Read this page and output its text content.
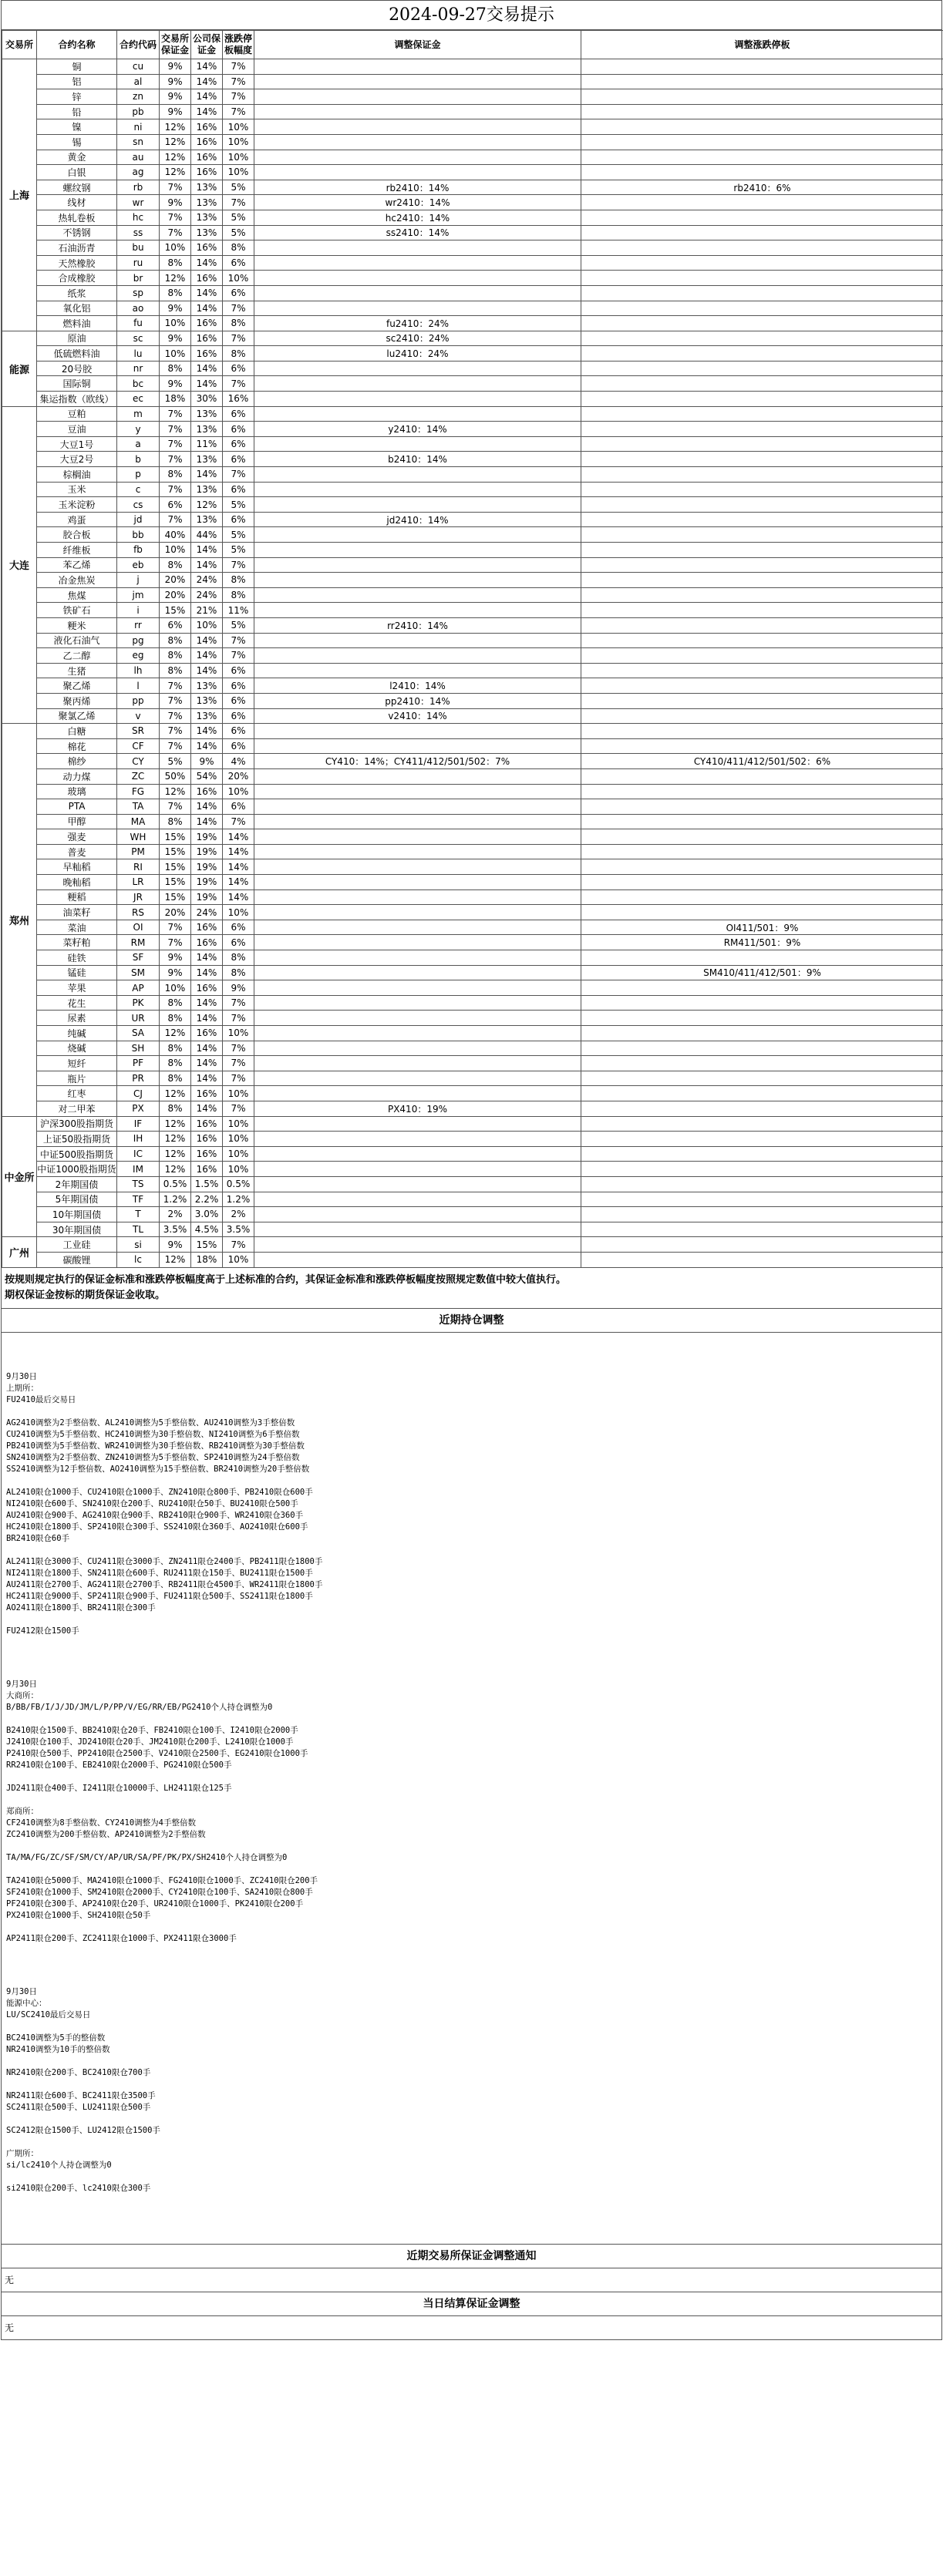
2024-09-27交易提示
交易所	合约名称	合约代码	交易所保证金	公司保证金	涨跌停板幅度	调整保证金	调整涨跌停板
上海	铜	cu	9%	14%	7%		
	铝	al	9%	14%	7%		
	锌	zn	9%	14%	7%		
	铅	pb	9%	14%	7%		
	镍	ni	12%	16%	10%		
	锡	sn	12%	16%	10%		
	黄金	au	12%	16%	10%		
	白银	ag	12%	16%	10%		
	螺纹钢	rb	7%	13%	5%	rb2410：14%	rb2410：6%
	线材	wr	9%	13%	7%	wr2410：14%	
	热轧卷板	hc	7%	13%	5%	hc2410：14%	
	不锈钢	ss	7%	13%	5%	ss2410：14%	
	石油沥青	bu	10%	16%	8%		
	天然橡胶	ru	8%	14%	6%		
	合成橡胶	br	12%	16%	10%		
	纸浆	sp	8%	14%	6%		
	氧化铝	ao	9%	14%	7%		
	燃料油	fu	10%	16%	8%	fu2410：24%	
能源	原油	sc	9%	16%	7%	sc2410：24%	
	低硫燃料油	lu	10%	16%	8%	lu2410：24%	
	20号胶	nr	8%	14%	6%		
	国际铜	bc	9%	14%	7%		
	集运指数（欧线）	ec	18%	30%	16%		
大连	豆粕	m	7%	13%	6%		
	豆油	y	7%	13%	6%	y2410：14%	
	大豆1号	a	7%	11%	6%		
	大豆2号	b	7%	13%	6%	b2410：14%	
	棕榈油	p	8%	14%	7%		
	玉米	c	7%	13%	6%		
	玉米淀粉	cs	6%	12%	5%		
	鸡蛋	jd	7%	13%	6%	jd2410：14%	
	胶合板	bb	40%	44%	5%		
	纤维板	fb	10%	14%	5%		
	苯乙烯	eb	8%	14%	7%		
	冶金焦炭	j	20%	24%	8%		
	焦煤	jm	20%	24%	8%		
	铁矿石	i	15%	21%	11%		
	粳米	rr	6%	10%	5%	rr2410：14%	
	液化石油气	pg	8%	14%	7%		
	乙二醇	eg	8%	14%	7%		
	生猪	lh	8%	14%	6%		
	聚乙烯	l	7%	13%	6%	l2410：14%	
	聚丙烯	pp	7%	13%	6%	pp2410：14%	
	聚氯乙烯	v	7%	13%	6%	v2410：14%	
郑州	白糖	SR	7%	14%	6%		
	棉花	CF	7%	14%	6%		
	棉纱	CY	5%	9%	4%	CY410：14%；CY411/412/501/502：7%	CY410/411/412/501/502：6%
	动力煤	ZC	50%	54%	20%		
	玻璃	FG	12%	16%	10%		
	PTA	TA	7%	14%	6%		
	甲醇	MA	8%	14%	7%		
	强麦	WH	15%	19%	14%		
	普麦	PM	15%	19%	14%		
	早籼稻	RI	15%	19%	14%		
	晚籼稻	LR	15%	19%	14%		
	粳稻	JR	15%	19%	14%		
	油菜籽	RS	20%	24%	10%		
	菜油	OI	7%	16%	6%		OI411/501：9%
	菜籽粕	RM	7%	16%	6%		RM411/501：9%
	硅铁	SF	9%	14%	8%		
	锰硅	SM	9%	14%	8%		SM410/411/412/501：9%
	苹果	AP	10%	16%	9%		
	花生	PK	8%	14%	7%		
	尿素	UR	8%	14%	7%		
	纯碱	SA	12%	16%	10%		
	烧碱	SH	8%	14%	7%		
	短纤	PF	8%	14%	7%		
	瓶片	PR	8%	14%	7%		
	红枣	CJ	12%	16%	10%		
	对二甲苯	PX	8%	14%	7%	PX410：19%	
中金所	沪深300股指期货	IF	12%	16%	10%		
	上证50股指期货	IH	12%	16%	10%		
	中证500股指期货	IC	12%	16%	10%		
	中证1000股指期货	IM	12%	16%	10%		
	2年期国债	TS	0.5%	1.5%	0.5%		
	5年期国债	TF	1.2%	2.2%	1.2%		
	10年期国债	T	2%	3.0%	2%		
	30年期国债	TL	3.5%	4.5%	3.5%		
广州	工业硅	si	9%	15%	7%		
	碳酸锂	lc	12%	18%	10%		
按规则规定执行的保证金标准和涨跌停板幅度高于上述标准的合约，其保证金标准和涨跌停板幅度按照规定数值中较大值执行。
期权保证金按标的期货保证金收取。
近期持仓调整

9月30日
上期所：
FU2410最后交易日

AG2410调整为2手整倍数、AL2410调整为5手整倍数、AU2410调整为3手整倍数
CU2410调整为5手整倍数、HC2410调整为30手整倍数、NI2410调整为6手整倍数
PB2410调整为5手整倍数、WR2410调整为30手整倍数、RB2410调整为30手整倍数
SN2410调整为2手整倍数、ZN2410调整为5手整倍数、SP2410调整为24手整倍数
SS2410调整为12手整倍数、AO2410调整为15手整倍数、BR2410调整为20手整倍数

AL2410限仓1000手、CU2410限仓1000手、ZN2410限仓800手、PB2410限仓600手
NI2410限仓600手、SN2410限仓200手、RU2410限仓50手、BU2410限仓500手
AU2410限仓900手、AG2410限仓900手、RB2410限仓900手、WR2410限仓360手
HC2410限仓1800手、SP2410限仓300手、SS2410限仓360手、AO2410限仓600手
BR2410限仓60手

AL2411限仓3000手、CU2411限仓3000手、ZN2411限仓2400手、PB2411限仓1800手
NI2411限仓1800手、SN2411限仓600手、RU2411限仓150手、BU2411限仓1500手
AU2411限仓2700手、AG2411限仓2700手、RB2411限仓4500手、WR2411限仓1800手
HC2411限仓9000手、SP2411限仓900手、FU2411限仓500手、SS2411限仓1800手
AO2411限仓1800手、BR2411限仓300手

FU2412限仓1500手

9月30日
大商所：
B/BB/FB/I/J/JD/JM/L/P/PP/V/EG/RR/EB/PG2410个人持仓调整为0

B2410限仓1500手、BB2410限仓20手、FB2410限仓100手、I2410限仓2000手
J2410限仓100手、JD2410限仓20手、JM2410限仓200手、L2410限仓1000手
P2410限仓500手、PP2410限仓2500手、V2410限仓2500手、EG2410限仓1000手
RR2410限仓100手、EB2410限仓2000手、PG2410限仓500手

JD2411限仓400手、I2411限仓10000手、LH2411限仓125手

郑商所：
CF2410调整为8手整倍数、CY2410调整为4手整倍数
ZC2410调整为200手整倍数、AP2410调整为2手整倍数

TA/MA/FG/ZC/SF/SM/CY/AP/UR/SA/PF/PK/PX/SH2410个人持仓调整为0

TA2410限仓5000手、MA2410限仓1000手、FG2410限仓1000手、ZC2410限仓200手
SF2410限仓1000手、SM2410限仓2000手、CY2410限仓100手、SA2410限仓800手
PF2410限仓300手、AP2410限仓20手、UR2410限仓1000手、PK2410限仓200手
PX2410限仓1000手、SH2410限仓50手

AP2411限仓200手、ZC2411限仓1000手、PX2411限仓3000手

9月30日
能源中心：
LU/SC2410最后交易日

BC2410调整为5手的整倍数
NR2410调整为10手的整倍数

NR2410限仓200手、BC2410限仓700手

NR2411限仓600手、BC2411限仓3500手
SC2411限仓500手、LU2411限仓500手

SC2412限仓1500手、LU2412限仓1500手

广期所：
si/lc2410个人持仓调整为0

si2410限仓200手、lc2410限仓300手

近期交易所保证金调整通知
无
当日结算保证金调整
无
